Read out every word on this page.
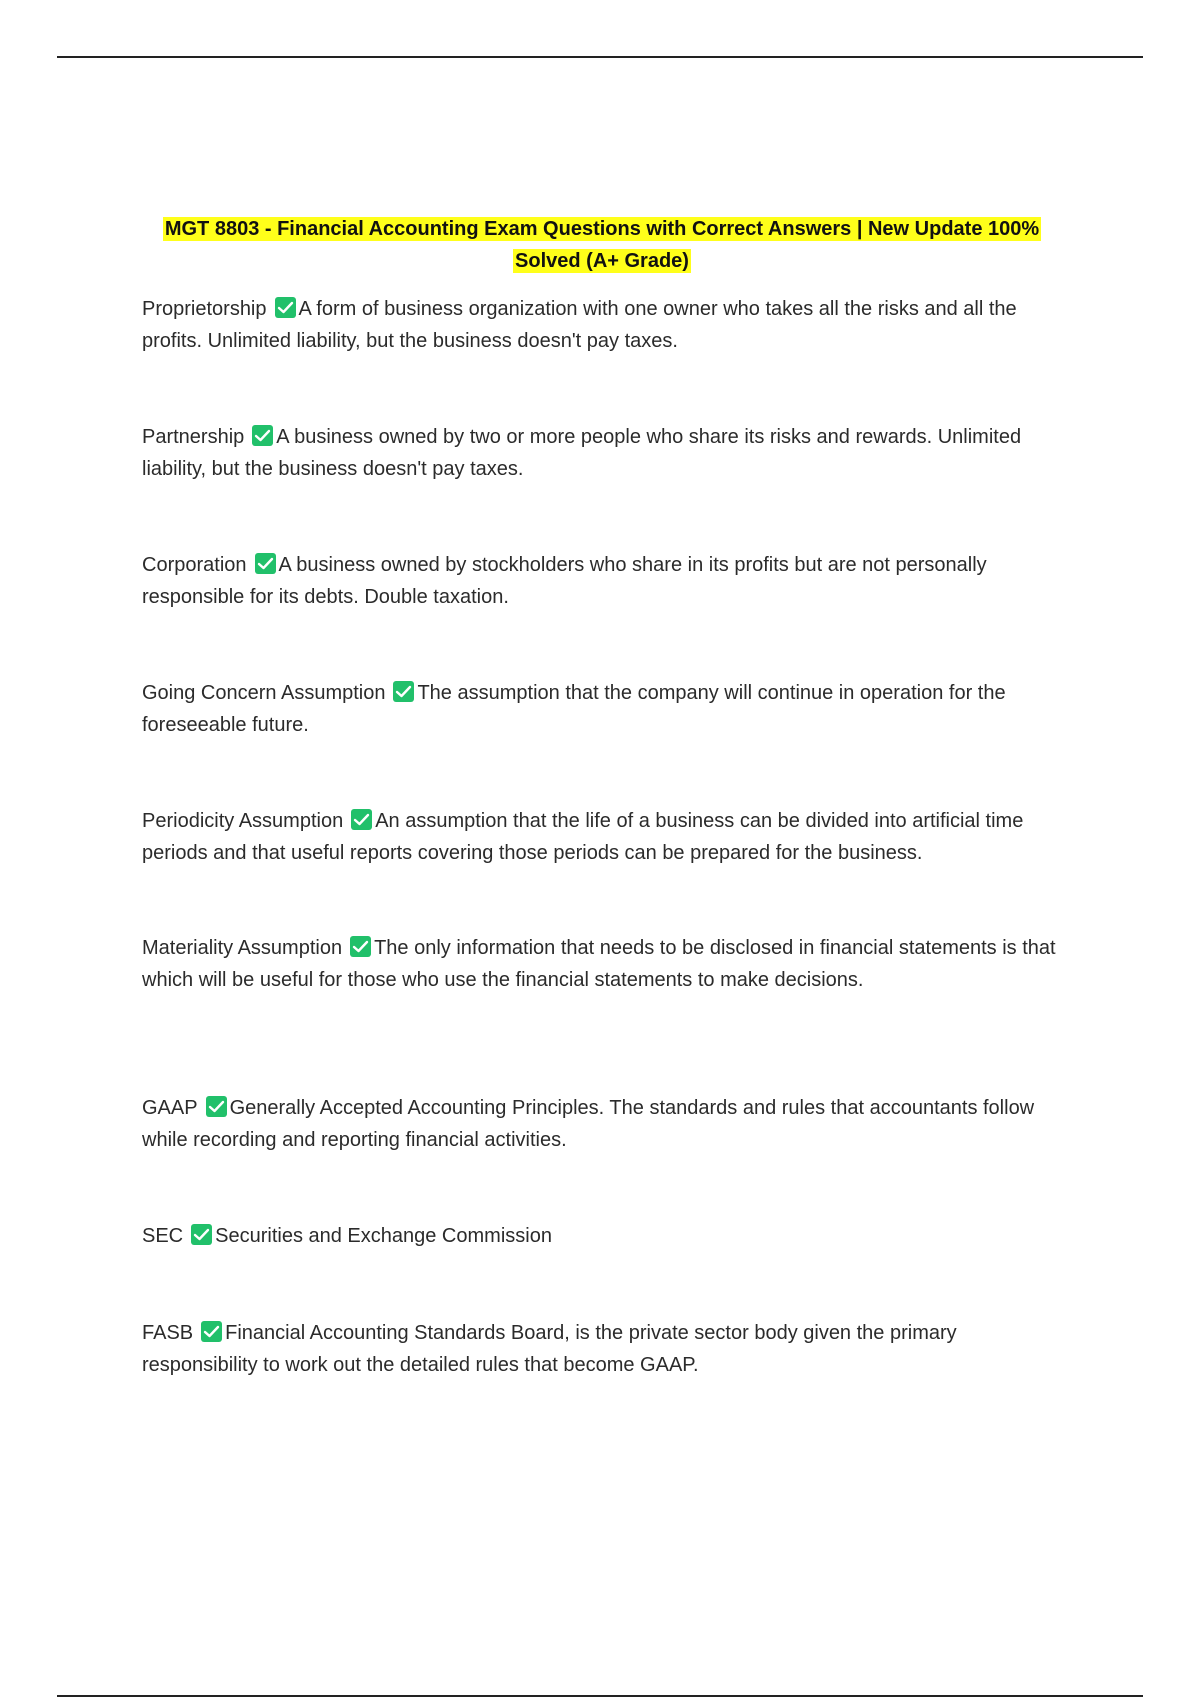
MGT 8803 - Financial Accounting Exam Questions with Correct Answers | New Update 100% Solved (A+ Grade)
Proprietorship A form of business organization with one owner who takes all the risks and all the profits. Unlimited liability, but the business doesn't pay taxes.
Partnership A business owned by two or more people who share its risks and rewards. Unlimited liability, but the business doesn't pay taxes.
Corporation A business owned by stockholders who share in its profits but are not personally responsible for its debts. Double taxation.
Going Concern Assumption The assumption that the company will continue in operation for the foreseeable future.
Periodicity Assumption An assumption that the life of a business can be divided into artificial time periods and that useful reports covering those periods can be prepared for the business.
Materiality Assumption The only information that needs to be disclosed in financial statements is that which will be useful for those who use the financial statements to make decisions.
GAAP Generally Accepted Accounting Principles. The standards and rules that accountants follow while recording and reporting financial activities.
SEC Securities and Exchange Commission
FASB Financial Accounting Standards Board, is the private sector body given the primary responsibility to work out the detailed rules that become GAAP.
